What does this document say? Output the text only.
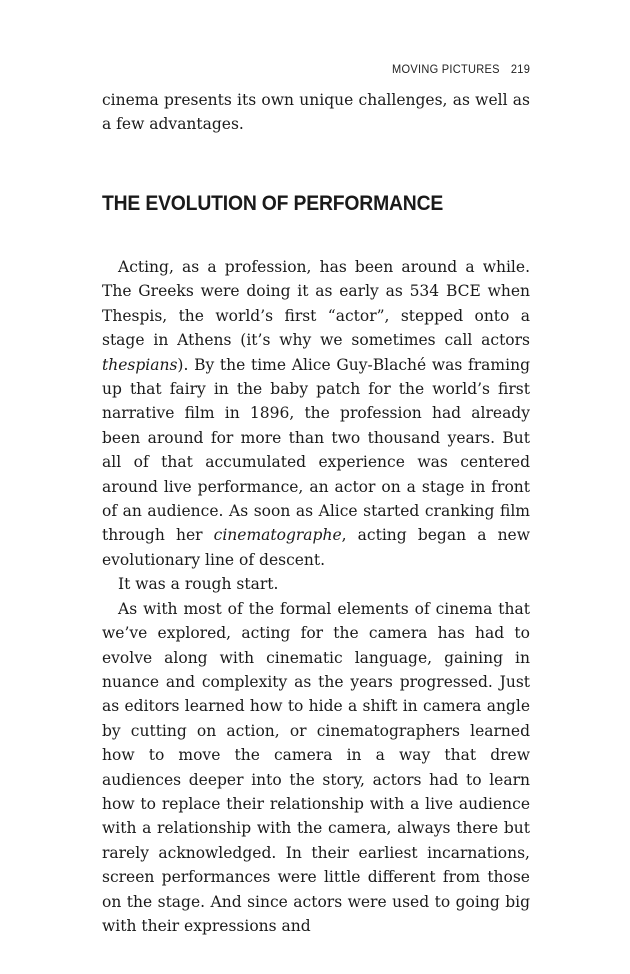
MOVING PICTURES 219

cinema presents its own unique challenges, as well as a few advantages.

THE EVOLUTION OF PERFORMANCE

Acting, as a profession, has been around a while. The Greeks were doing it as early as 534 BCE when Thespis, the world’s first “actor”, stepped onto a stage in Athens (it’s why we sometimes call actors thespians). By the time Alice Guy-Blaché was framing up that fairy in the baby patch for the world’s first narrative film in 1896, the profession had already been around for more than two thousand years. But all of that accumulated experience was centered around live performance, an actor on a stage in front of an audience. As soon as Alice started cranking film through her cinematographe, acting began a new evolutionary line of descent.

It was a rough start.

As with most of the formal elements of cinema that we’ve explored, acting for the camera has had to evolve along with cinematic language, gaining in nuance and complexity as the years progressed. Just as editors learned how to hide a shift in camera angle by cutting on action, or cinematographers learned how to move the camera in a way that drew audiences deeper into the story, actors had to learn how to replace their relationship with a live audience with a relationship with the camera, always there but rarely acknowledged. In their earliest incarnations, screen performances were little different from those on the stage. And since actors were used to going big with their expressions and
